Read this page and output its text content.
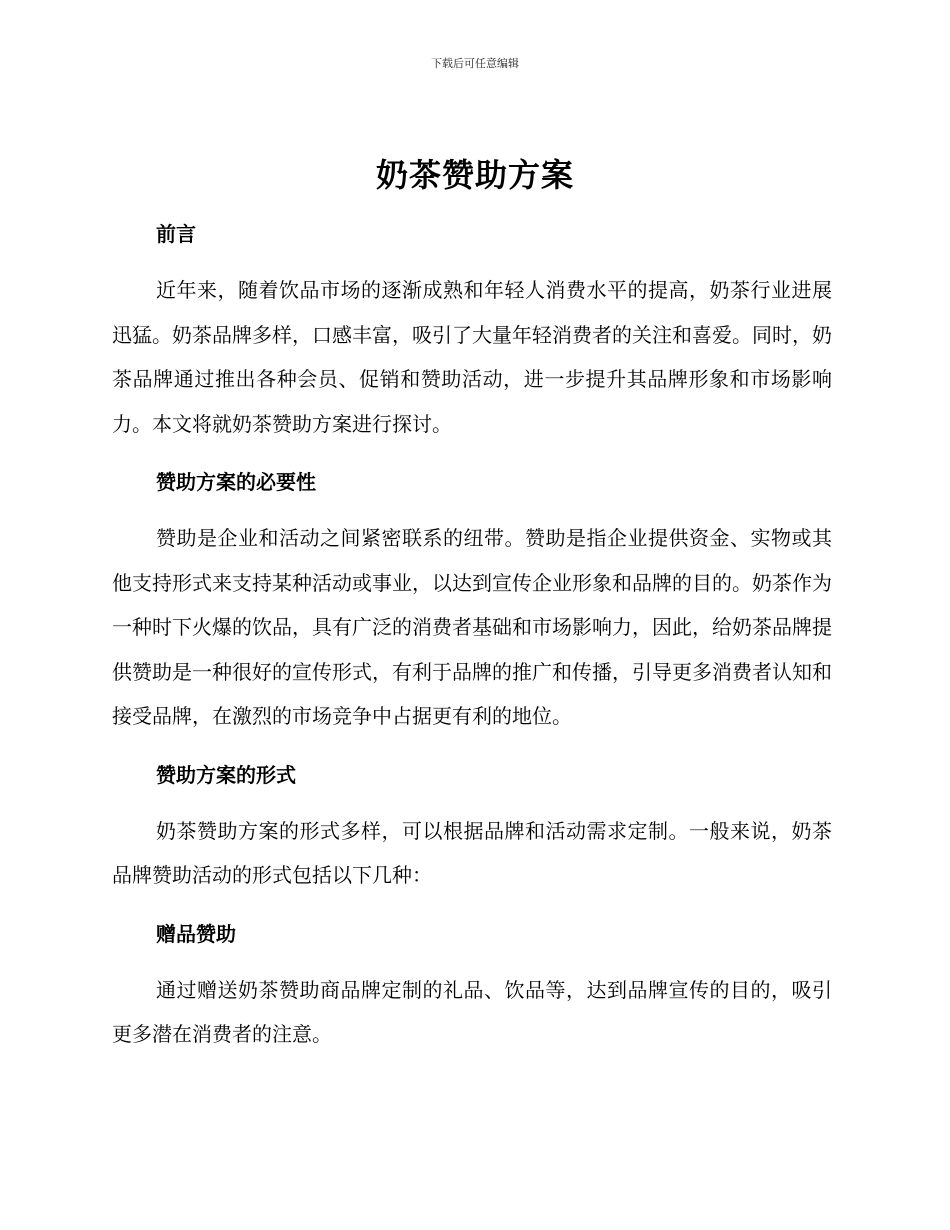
下载后可任意编辑
奶茶赞助方案
前言

近年来，随着饮品市场的逐渐成熟和年轻人消费水平的提高，奶茶行业进展迅猛。奶茶品牌多样，口感丰富，吸引了大量年轻消费者的关注和喜爱。同时，奶茶品牌通过推出各种会员、促销和赞助活动，进一步提升其品牌形象和市场影响力。本文将就奶茶赞助方案进行探讨。

赞助方案的必要性

赞助是企业和活动之间紧密联系的纽带。赞助是指企业提供资金、实物或其他支持形式来支持某种活动或事业，以达到宣传企业形象和品牌的目的。奶茶作为一种时下火爆的饮品，具有广泛的消费者基础和市场影响力，因此，给奶茶品牌提供赞助是一种很好的宣传形式，有利于品牌的推广和传播，引导更多消费者认知和接受品牌，在激烈的市场竞争中占据更有利的地位。

赞助方案的形式

奶茶赞助方案的形式多样，可以根据品牌和活动需求定制。一般来说，奶茶品牌赞助活动的形式包括以下几种：

赠品赞助

通过赠送奶茶赞助商品牌定制的礼品、饮品等，达到品牌宣传的目的，吸引更多潜在消费者的注意。
